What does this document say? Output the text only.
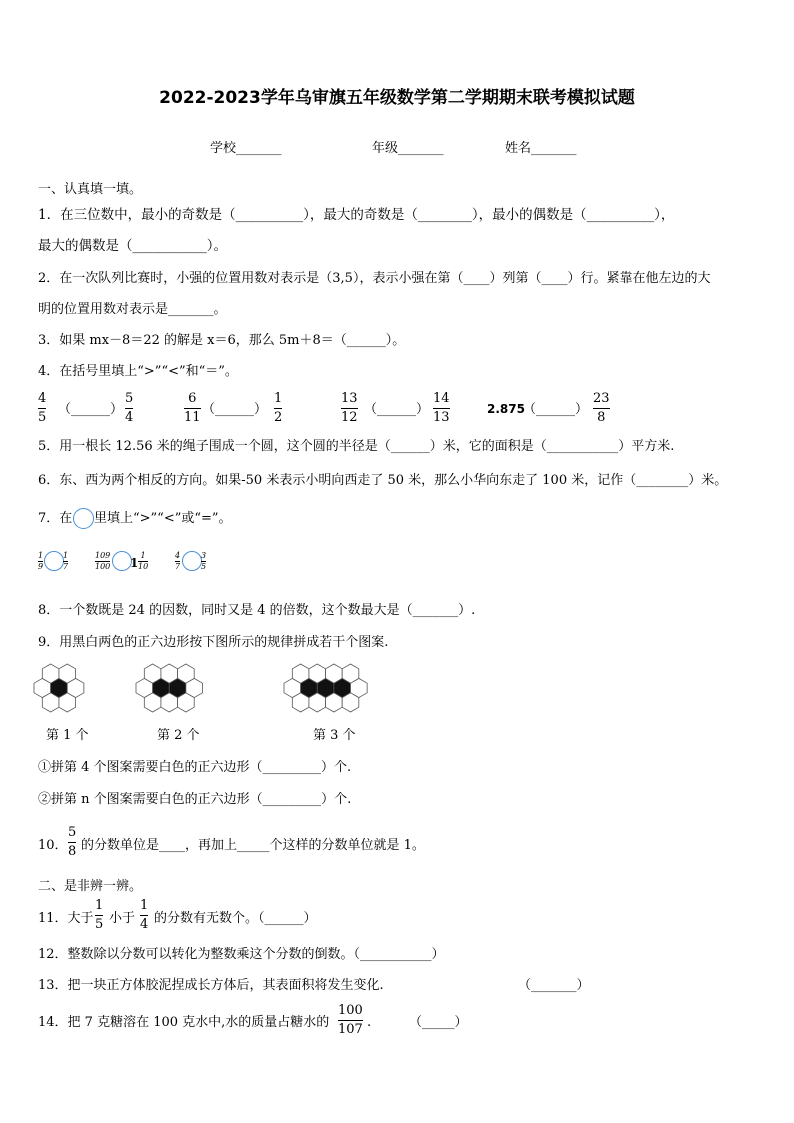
2022-2023学年乌审旗五年级数学第二学期期末联考模拟试题
学校_______	年级_______	姓名_______
一、认真填一填。
1．在三位数中，最小的奇数是（__________），最大的奇数是（________），最小的偶数是（__________），
最大的偶数是（___________）。
2．在一次队列比赛时，小强的位置用数对表示是（3,5），表示小强在第（____）列第（____）行。紧靠在他左边的大
明的位置用数对表示是_______。
3．如果 mx－8＝22 的解是 x＝6，那么 5m＋8＝（______）。
4．在括号里填上“>”“<”和“＝”。
4
5
（______）
5
4
6
11
（______）
1
2
13
12
（______）
14
13
2.875
（______）
23
8
5．用一根长 12.56 米的绳子围成一个圆，这个圆的半径是（______）米，它的面积是（___________）平方米.
6．东、西为两个相反的方向。如果-50 米表示小明向西走了 50 米，那么小华向东走了 100 米，记作（________）米。
7．在 里填上“>”“<”或“=”。
1
9
1
7
109
100 1
1
10
4
7
3
5
8．一个数既是 24 的因数，同时又是 4 的倍数，这个数最大是（_______）.
9．用黑白两色的正六边形按下图所示的规律拼成若干个图案.
第 1 个	第 2 个	第 3 个
①拼第 4 个图案需要白色的正六边形（_________）个.
②拼第 n 个图案需要白色的正六边形（_________）个.
10．
5
8 的分数单位是____，再加上_____个这样的分数单位就是 1。
二、是非辨一辨。
11．大于
1
5 小于
1
4 的分数有无数个。（______）
12．整数除以分数可以转化为整数乘这个分数的倒数。（___________）
13．把一块正方体胶泥捏成长方体后，其表面积将发生变化.	（_______）
14．把 7 克糖溶在 100 克水中,水的质量占糖水的
100
107 .	（_____）
